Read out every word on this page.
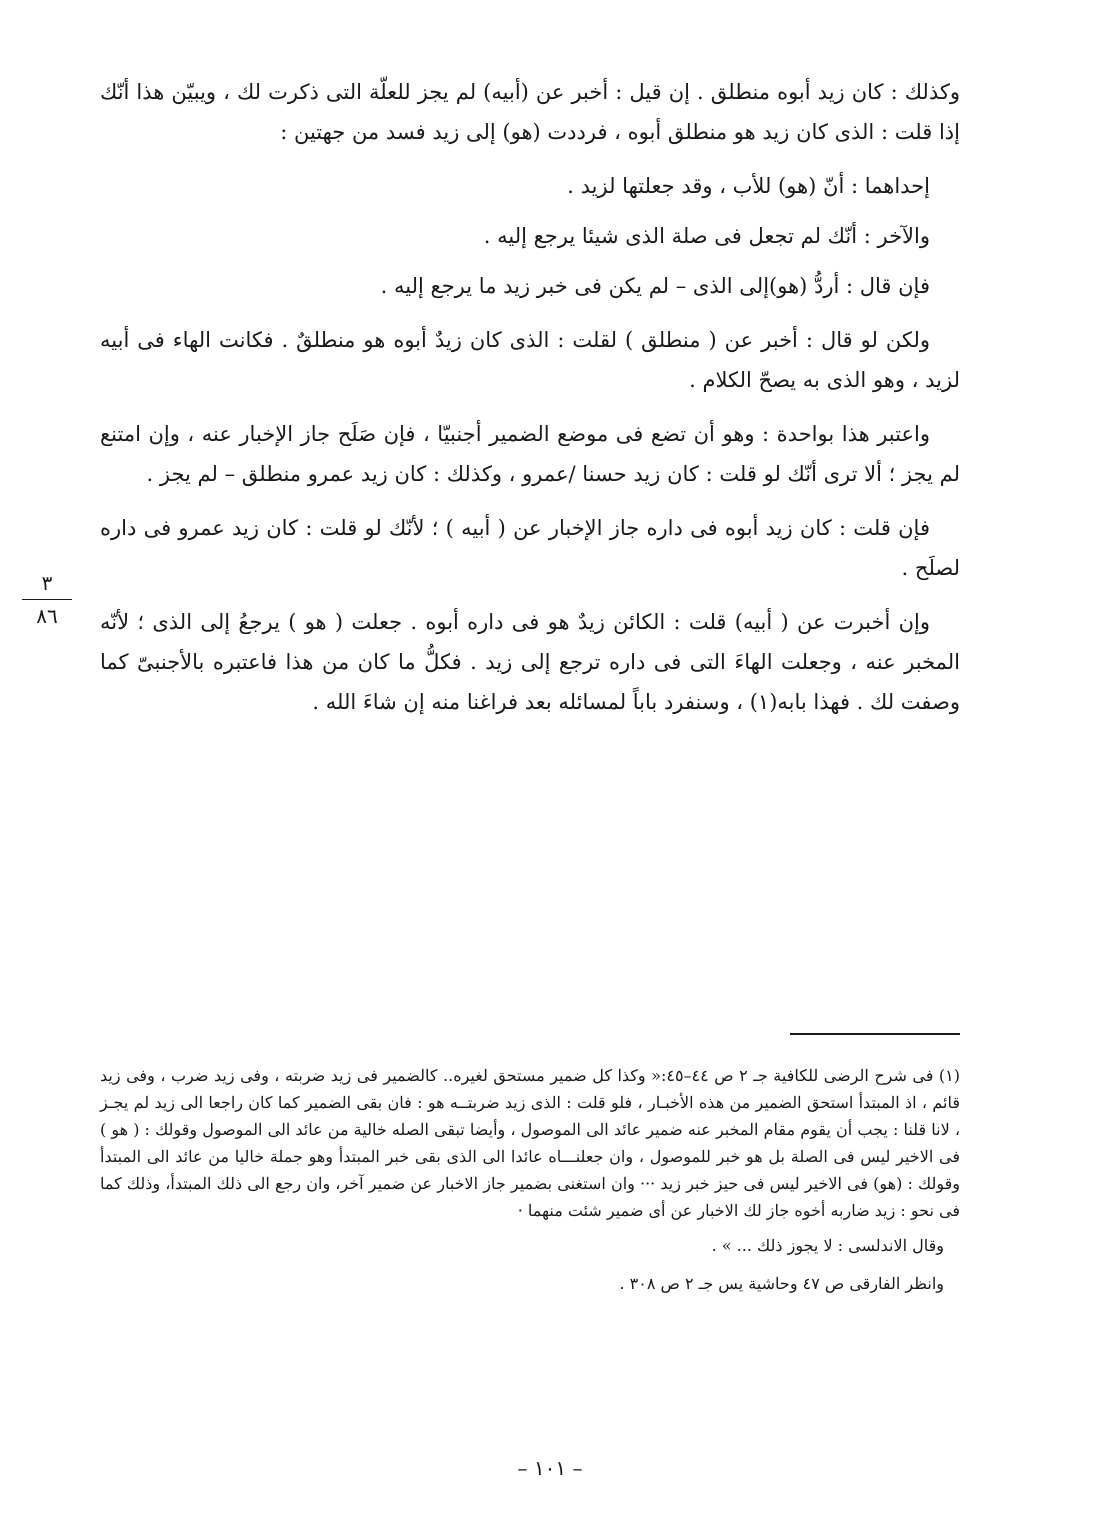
وكذلك : كان زيد أبوه منطلق . إن قيل : أخبر عن (أبيه) لم يجز للعلّة التى ذكرت لك ، ويبيّن هذا أنّك إذا قلت : الذى كان زيد هو منطلق أبوه ، فرددت (هو) إلى زيد فسد من جهتين :

إحداهما : أنّ (هو) للأب ، وقد جعلتها لزيد .

والآخر : أنّك لم تجعل فى صلة الذى شيئا يرجع إليه .

فإن قال : أردُّ (هو)إلى الذى – لم يكن فى خبر زيد ما يرجع إليه .

ولكن لو قال : أخبر عن ( منطلق ) لقلت : الذى كان زيدٌ أبوه هو منطلقٌ . فكانت الهاء فى أبيه لزيد ، وهو الذى به يصحّ الكلام .

واعتبر هذا بواحدة : وهو أن تضع فى موضع الضمير أجنبيّا ، فإن صَلَح جاز الإخبار عنه ، وإن امتنع لم يجز ؛ ألا ترى أنّك لو قلت : كان زيد حسنا /عمرو ، وكذلك : كان زيد عمرو منطلق – لم يجز .

فإن قلت : كان زيد أبوه فى داره جاز الإخبار عن ( أبيه ) ؛ لأنّك لو قلت : كان زيد عمرو فى داره لصلَح .

وإن أخبرت عن ( أبيه) قلت : الكائن زيدٌ هو فى داره أبوه . جعلت ( هو ) يرجعُ إلى الذى ؛ لأنّه المخبر عنه ، وجعلت الهاءَ التى فى داره ترجع إلى زيد . فكلُّ ما كان من هذا فاعتبره بالأجنبىّ كما وصفت لك . فهذا بابه(١) ، وسنفرد باباً لمسائله بعد فراغنا منه إن شاءَ الله .

٣
٨٦

(١) فى شرح الرضى للكافية جـ ٢ ص ٤٤–٤٥:« وكذا كل ضمير مستحق لغيره.. كالضمير فى زيد ضربته ، وفى زيد ضرب ، وفى زيد قائم ، اذ المبتدأ استحق الضمير من هذه الأخبـار ، فلو قلت : الذى زيد ضربتــه هو : فان بقى الضمير كما كان راجعا الى زيد لم يجـز ، لانا قلنا : يجب أن يقوم مقام المخبر عنه ضمير عائد الى الموصول ، وأيضا تبقى الصله خالية من عائد الى الموصول وقولك : ( هو ) فى الاخير ليس فى الصلة بل هو خبر للموصول ، وان جعلنـــاه عائدا الى الذى بقى خبر المبتدأ وهو جملة خاليا من عائد الى المبتدأ وقولك : (هو) فى الاخير ليس فى حيز خبر زيد ··· وان استغنى بضمير جاز الاخبار عن ضمير آخر، وان رجع الى ذلك المبتدأ، وذلك كما فى نحو : زيد ضاربه أخوه جاز لك الاخبار عن أى ضمير شئت منهما ·

وقال الاندلسى : لا يجوز ذلك ... » .

وانظر الفارقى ص ٤٧ وحاشية يس جـ ٢ ص ٣٠٨ .

– ١٠١ –
